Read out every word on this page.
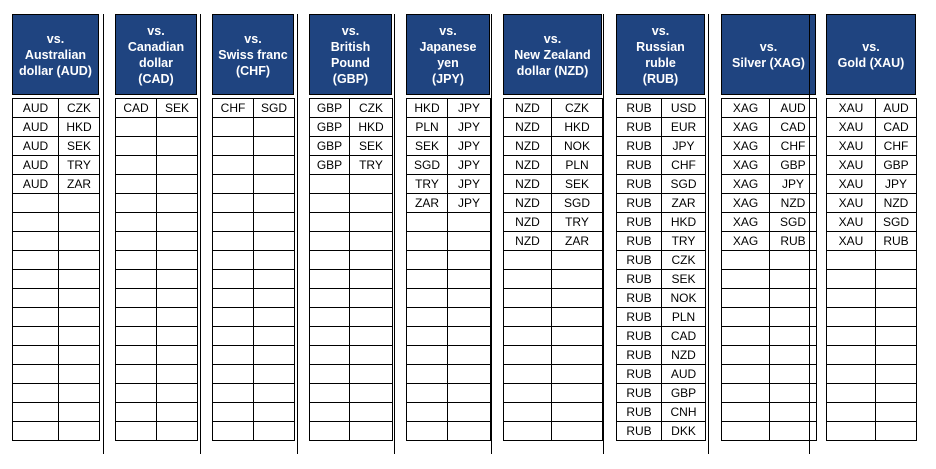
vs.
Australian
dollar (AUD)
AUD	CZK
AUD	HKD
AUD	SEK
AUD	TRY
AUD	ZAR

vs.
Canadian
dollar
(CAD)
CAD	SEK

vs.
Swiss franc
(CHF)
CHF	SGD

vs.
British
Pound
(GBP)
GBP	CZK
GBP	HKD
GBP	SEK
GBP	TRY

vs.
Japanese
yen
(JPY)
HKD	JPY
PLN	JPY
SEK	JPY
SGD	JPY
TRY	JPY
ZAR	JPY

vs.
New Zealand
dollar (NZD)
NZD	CZK
NZD	HKD
NZD	NOK
NZD	PLN
NZD	SEK
NZD	SGD
NZD	TRY
NZD	ZAR

vs.
Russian ruble
(RUB)
RUB	USD
RUB	EUR
RUB	JPY
RUB	CHF
RUB	SGD
RUB	ZAR
RUB	HKD
RUB	TRY
RUB	CZK
RUB	SEK
RUB	NOK
RUB	PLN
RUB	CAD
RUB	NZD
RUB	AUD
RUB	GBP
RUB	CNH
RUB	DKK
vs.
Silver (XAG)
XAG	AUD
XAG	CAD
XAG	CHF
XAG	GBP
XAG	JPY
XAG	NZD
XAG	SGD
XAG	RUB

vs.
Gold (XAU)
XAU	AUD
XAU	CAD
XAU	CHF
XAU	GBP
XAU	JPY
XAU	NZD
XAU	SGD
XAU	RUB
